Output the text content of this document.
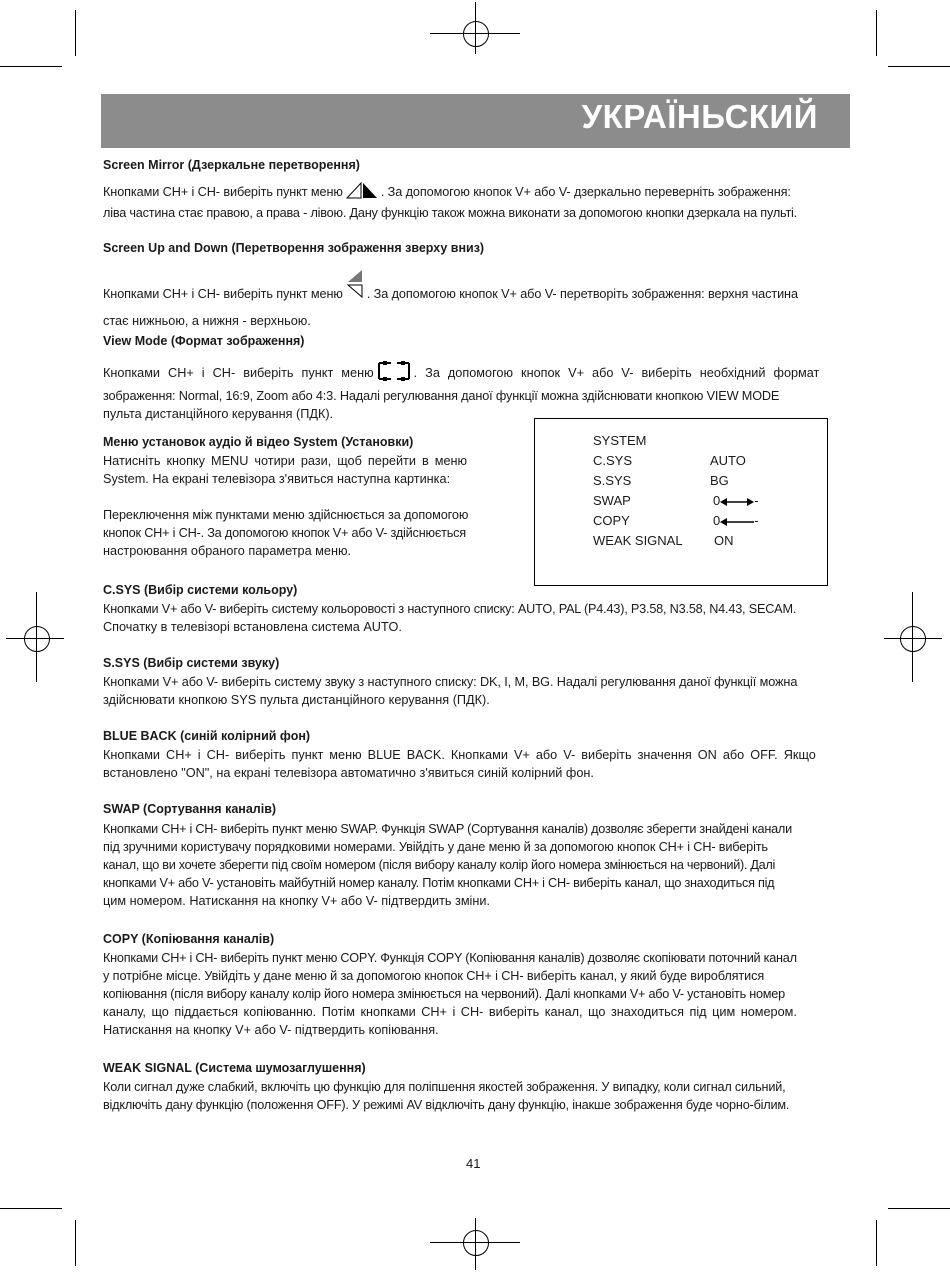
УКРАЇНЬСКИЙ
Screen Mirror (Дзеркальне перетворення)
Кнопками CH+ і CH- виберіть пункт меню	. За допомогою кнопок V+ або V- дзеркально переверніть зображення:
ліва частина стає правою, а права - лівою. Дану функцію також можна виконати за допомогою кнопки дзеркала на пульті.
Screen Up and Down (Перетворення зображення зверху вниз)
Кнопками CH+ і CH- виберіть пункт меню . За допомогою кнопок V+ або V- перетворіть зображення: верхня частина
стає нижньою, а нижня - верхньою.
View Mode (Формат зображення)
Кнопками CH+ і CH- виберіть пункт меню	. За допомогою кнопок V+ або V- виберіть необхідний формат
зображення: Normal, 16:9, Zoom або 4:3. Надалі регулювання даної функції можна здійснювати кнопкою VIEW MODE
пульта дистанційного керування (ПДК).
Меню установок аудіо й відео System (Установки)
Натисніть кнопку MENU чотири рази, щоб перейти в меню
System. На екрані телевізора з'явиться наступна картинка:

Переключення між пунктами меню здійснюється за допомогою
кнопок CH+ і CH-. За допомогою кнопок V+ або V- здійснюється
настроювання обраного параметра меню.
SYSTEM
C.SYS	AUTO
S.SYS	BG
SWAP	0	-
COPY	0	-
WEAK SIGNAL ON
C.SYS (Вибір системи кольору)
Кнопками V+ або V- виберіть систему кольоровості з наступного списку: AUTO, PAL (P4.43), P3.58, N3.58, N4.43, SECAM.
Спочатку в телевізорі встановлена система AUTO.
S.SYS (Вибір системи звуку)
Кнопками V+ або V- виберіть систему звуку з наступного списку: DK, I, M, BG. Надалі регулювання даної функції можна
здійснювати кнопкою SYS пульта дистанційного керування (ПДК).
BLUE BACK (синій колірний фон)
Кнопками CH+ і CH- виберіть пункт меню BLUE BACK. Кнопками V+ або V- виберіть значення ON або OFF. Якщо
встановлено "ON", на екрані телевізора автоматично з'явиться синій колірний фон.
SWAP (Сортування каналів)
Кнопками CH+ і CH- виберіть пункт меню SWAP. Функція SWAP (Сортування каналів) дозволяє зберегти знайдені канали
під зручними користувачу порядковими номерами. Увійдіть у дане меню й за допомогою кнопок CH+ і CH- виберіть
канал, що ви хочете зберегти під своїм номером (після вибору каналу колір його номера змінюється на червоний). Далі
кнопками V+ або V- установіть майбутній номер каналу. Потім кнопками CH+ і CH- виберіть канал, що знаходиться під
цим номером. Натискання на кнопку V+ або V- підтвердить зміни.
COPY (Копіювання каналів)
Кнопками CH+ і CH- виберіть пункт меню COPY. Функція COPY (Копіювання каналів) дозволяє скопіювати поточний канал
у потрібне місце. Увійдіть у дане меню й за допомогою кнопок CH+ і CH- виберіть канал, у який буде вироблятися
копіювання (після вибору каналу колір його номера змінюється на червоний). Далі кнопками V+ або V- установіть номер
каналу, що піддається копіюванню. Потім кнопками CH+ і CH- виберіть канал, що знаходиться під цим номером.
Натискання на кнопку V+ або V- підтвердить копіювання.
WEAK SIGNAL (Система шумозаглушення)
Коли сигнал дуже слабкий, включіть цю функцію для поліпшення якостей зображення. У випадку, коли сигнал сильний,
відключіть дану функцію (положення OFF). У режимі AV відключіть дану функцію, інакше зображення буде чорно-білим.
41
